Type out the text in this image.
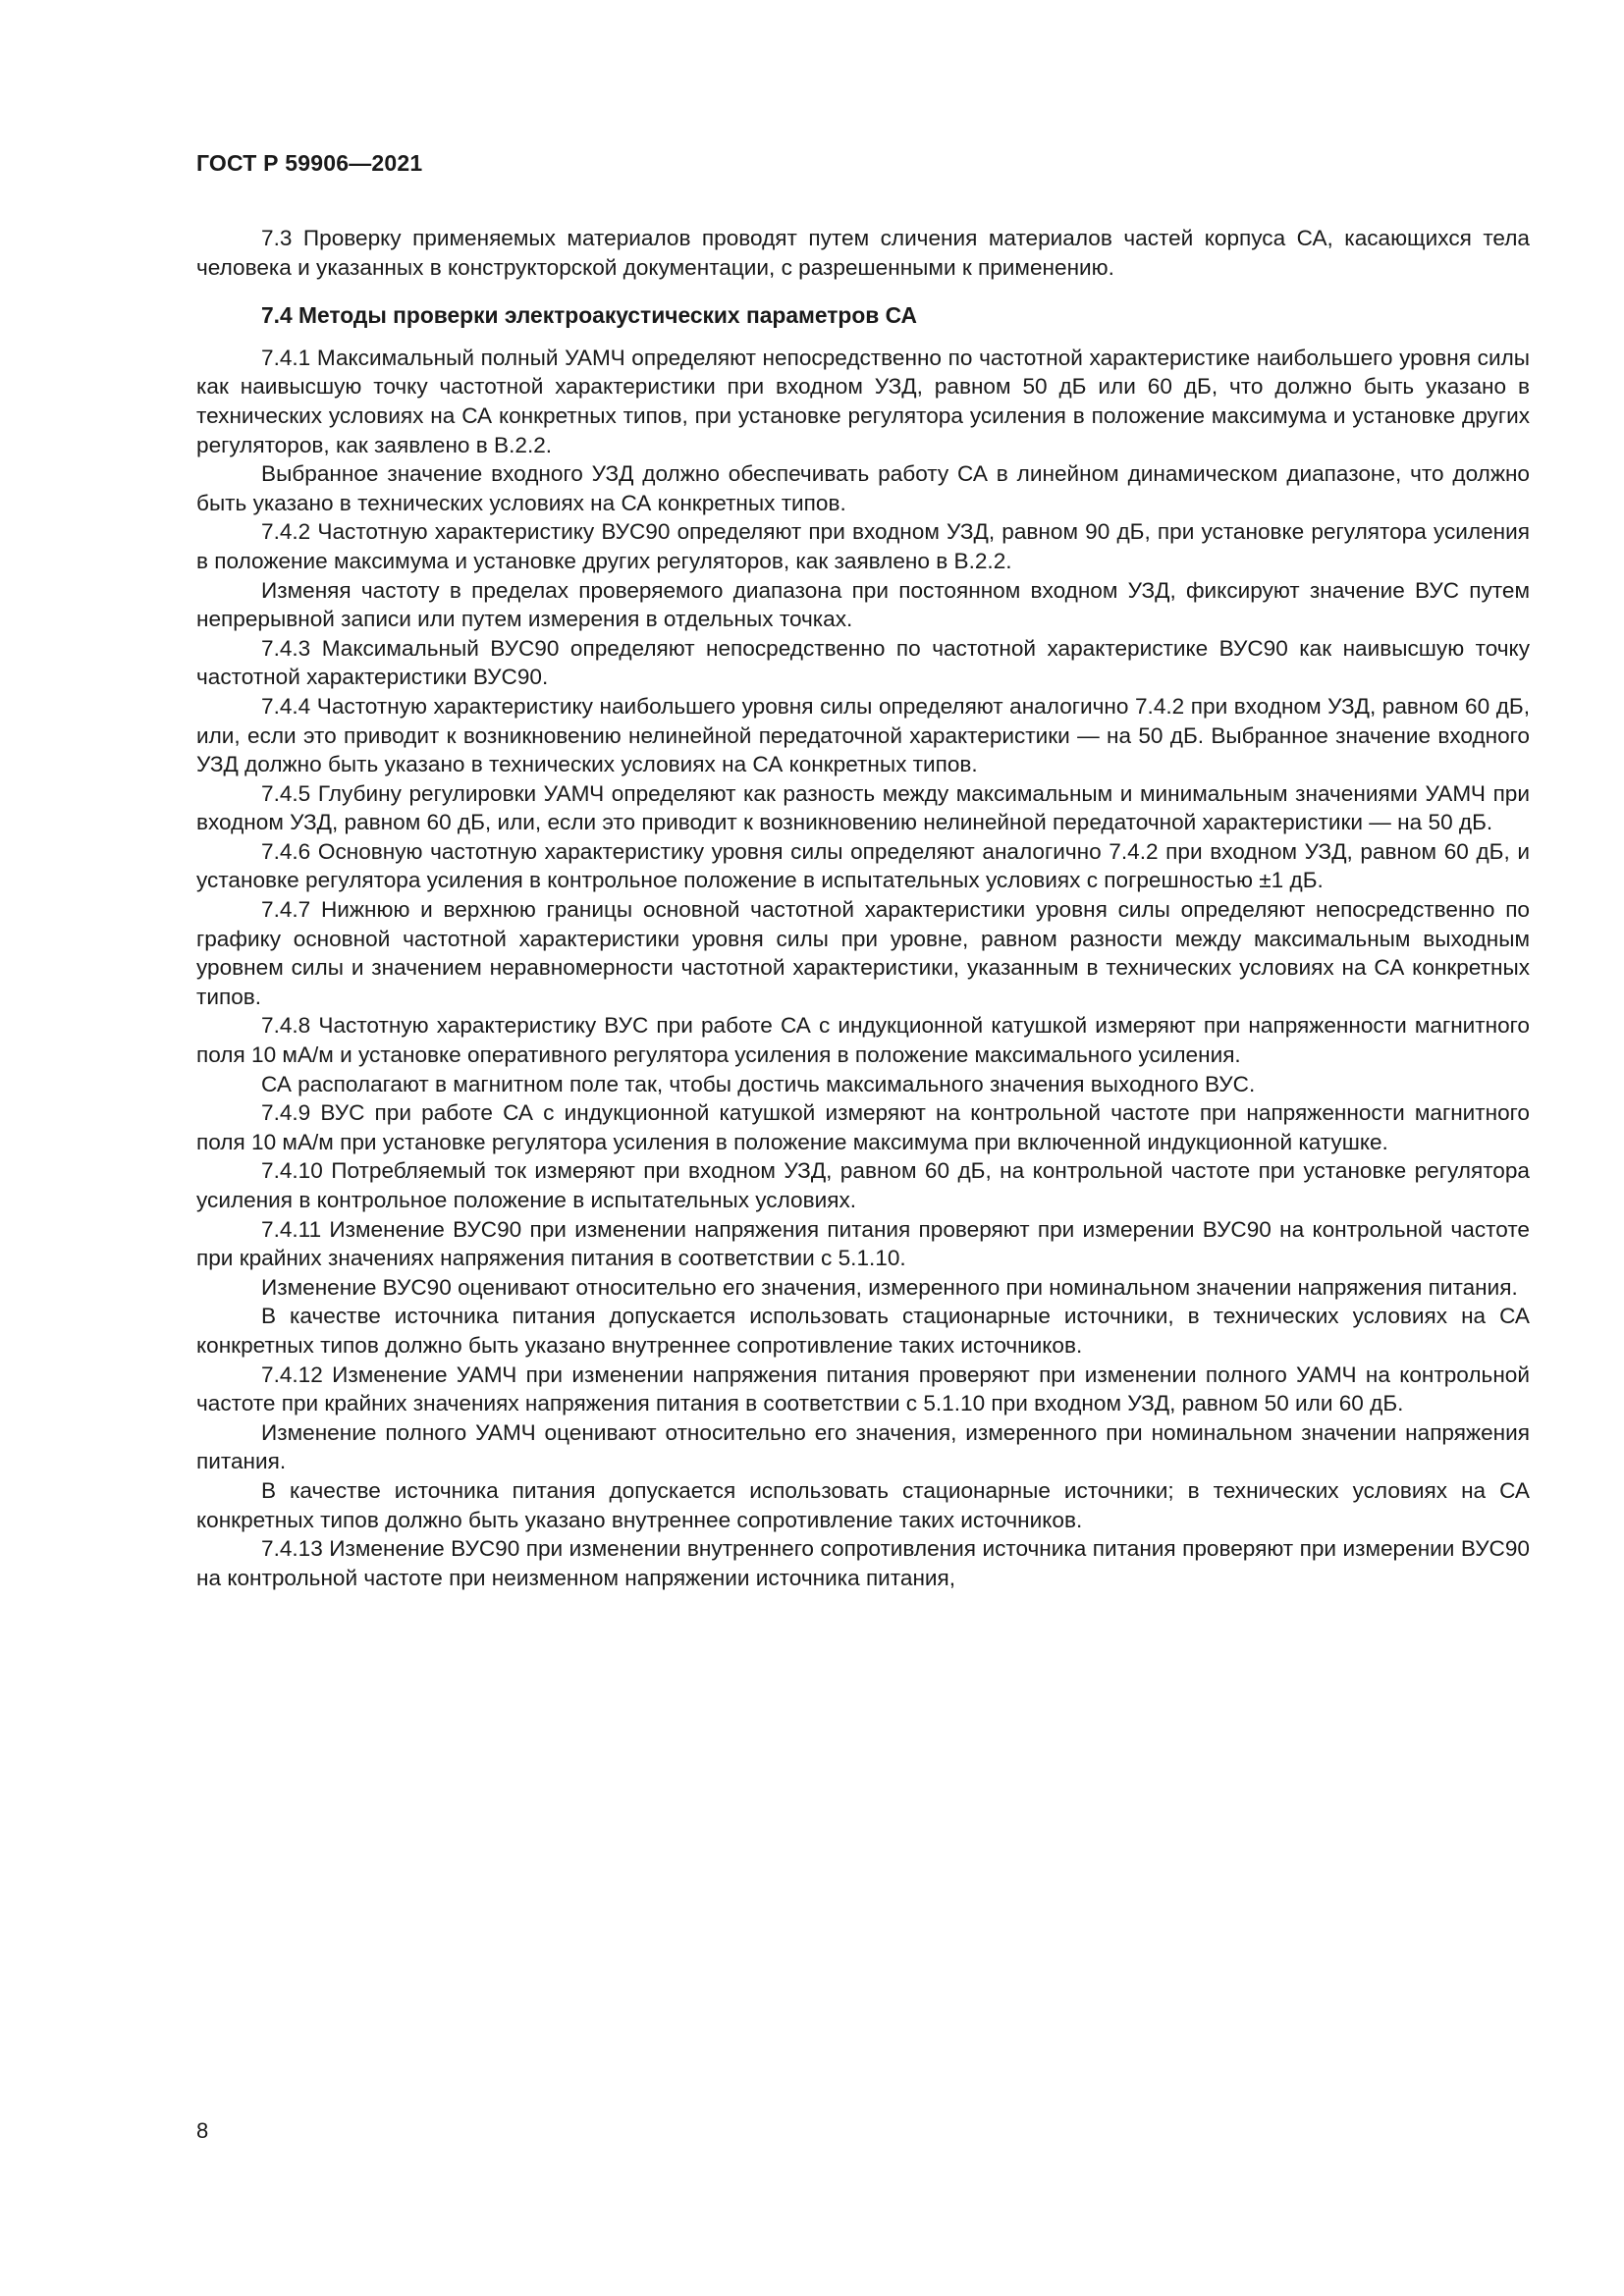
ГОСТ Р 59906—2021

7.3 Проверку применяемых материалов проводят путем сличения материалов частей корпуса СА, касающихся тела человека и указанных в конструкторской документации, с разрешенными к применению.

7.4 Методы проверки электроакустических параметров СА

7.4.1 Максимальный полный УАМЧ определяют непосредственно по частотной характеристике наибольшего уровня силы как наивысшую точку частотной характеристики при входном УЗД, равном 50 дБ или 60 дБ, что должно быть указано в технических условиях на СА конкретных типов, при установке регулятора усиления в положение максимума и установке других регуляторов, как заявлено в В.2.2.

Выбранное значение входного УЗД должно обеспечивать работу СА в линейном динамическом диапазоне, что должно быть указано в технических условиях на СА конкретных типов.

7.4.2 Частотную характеристику ВУС90 определяют при входном УЗД, равном 90 дБ, при установке регулятора усиления в положение максимума и установке других регуляторов, как заявлено в В.2.2.

Изменяя частоту в пределах проверяемого диапазона при постоянном входном УЗД, фиксируют значение ВУС путем непрерывной записи или путем измерения в отдельных точках.

7.4.3 Максимальный ВУС90 определяют непосредственно по частотной характеристике ВУС90 как наивысшую точку частотной характеристики ВУС90.

7.4.4 Частотную характеристику наибольшего уровня силы определяют аналогично 7.4.2 при входном УЗД, равном 60 дБ, или, если это приводит к возникновению нелинейной передаточной характеристики — на 50 дБ. Выбранное значение входного УЗД должно быть указано в технических условиях на СА конкретных типов.

7.4.5 Глубину регулировки УАМЧ определяют как разность между максимальным и минимальным значениями УАМЧ при входном УЗД, равном 60 дБ, или, если это приводит к возникновению нелинейной передаточной характеристики — на 50 дБ.

7.4.6 Основную частотную характеристику уровня силы определяют аналогично 7.4.2 при входном УЗД, равном 60 дБ, и установке регулятора усиления в контрольное положение в испытательных условиях с погрешностью ±1 дБ.

7.4.7 Нижнюю и верхнюю границы основной частотной характеристики уровня силы определяют непосредственно по графику основной частотной характеристики уровня силы при уровне, равном разности между максимальным выходным уровнем силы и значением неравномерности частотной характеристики, указанным в технических условиях на СА конкретных типов.

7.4.8 Частотную характеристику ВУС при работе СА с индукционной катушкой измеряют при напряженности магнитного поля 10 мА/м и установке оперативного регулятора усиления в положение максимального усиления.

СА располагают в магнитном поле так, чтобы достичь максимального значения выходного ВУС.

7.4.9 ВУС при работе СА с индукционной катушкой измеряют на контрольной частоте при напряженности магнитного поля 10 мА/м при установке регулятора усиления в положение максимума при включенной индукционной катушке.

7.4.10 Потребляемый ток измеряют при входном УЗД, равном 60 дБ, на контрольной частоте при установке регулятора усиления в контрольное положение в испытательных условиях.

7.4.11 Изменение ВУС90 при изменении напряжения питания проверяют при измерении ВУС90 на контрольной частоте при крайних значениях напряжения питания в соответствии с 5.1.10.

Изменение ВУС90 оценивают относительно его значения, измеренного при номинальном значении напряжения питания.

В качестве источника питания допускается использовать стационарные источники, в технических условиях на СА конкретных типов должно быть указано внутреннее сопротивление таких источников.

7.4.12 Изменение УАМЧ при изменении напряжения питания проверяют при изменении полного УАМЧ на контрольной частоте при крайних значениях напряжения питания в соответствии с 5.1.10 при входном УЗД, равном 50 или 60 дБ.

Изменение полного УАМЧ оценивают относительно его значения, измеренного при номинальном значении напряжения питания.

В качестве источника питания допускается использовать стационарные источники; в технических условиях на СА конкретных типов должно быть указано внутреннее сопротивление таких источников.

7.4.13 Изменение ВУС90 при изменении внутреннего сопротивления источника питания проверяют при измерении ВУС90 на контрольной частоте при неизменном напряжении источника питания,

8
